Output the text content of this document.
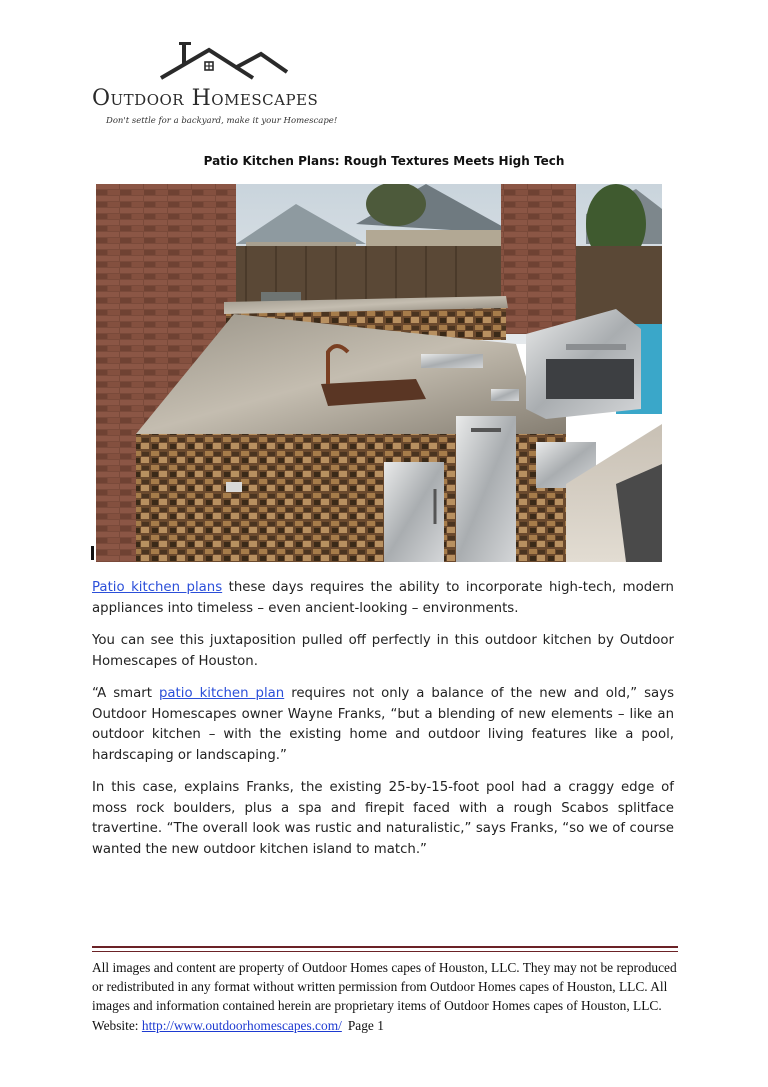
Outdoor Homescapes
Don't settle for a backyard, make it your Homescape!
Patio Kitchen Plans: Rough Textures Meets High Tech

Patio kitchen plans these days requires the ability to incorporate high-tech, modern appliances into timeless – even ancient-looking – environments.

You can see this juxtaposition pulled off perfectly in this outdoor kitchen by Outdoor Homescapes of Houston.

“A smart patio kitchen plan requires not only a balance of the new and old,” says Outdoor Homescapes owner Wayne Franks, “but a blending of new elements – like an outdoor kitchen – with the existing home and outdoor living features like a pool, hardscaping or landscaping.”

In this case, explains Franks, the existing 25-by-15-foot pool had a craggy edge of moss rock boulders, plus a spa and firepit faced with a rough Scabos splitface travertine. “The overall look was rustic and naturalistic,” says Franks, “so we of course wanted the new outdoor kitchen island to match.”

All images and content are property of Outdoor Homes capes of Houston, LLC. They may not be reproduced or redistributed in any format without written permission from Outdoor Homes capes of Houston, LLC. All images and information contained herein are proprietary items of Outdoor Homes capes of Houston, LLC. Website: http://www.outdoorhomescapes.com/ Page 1
